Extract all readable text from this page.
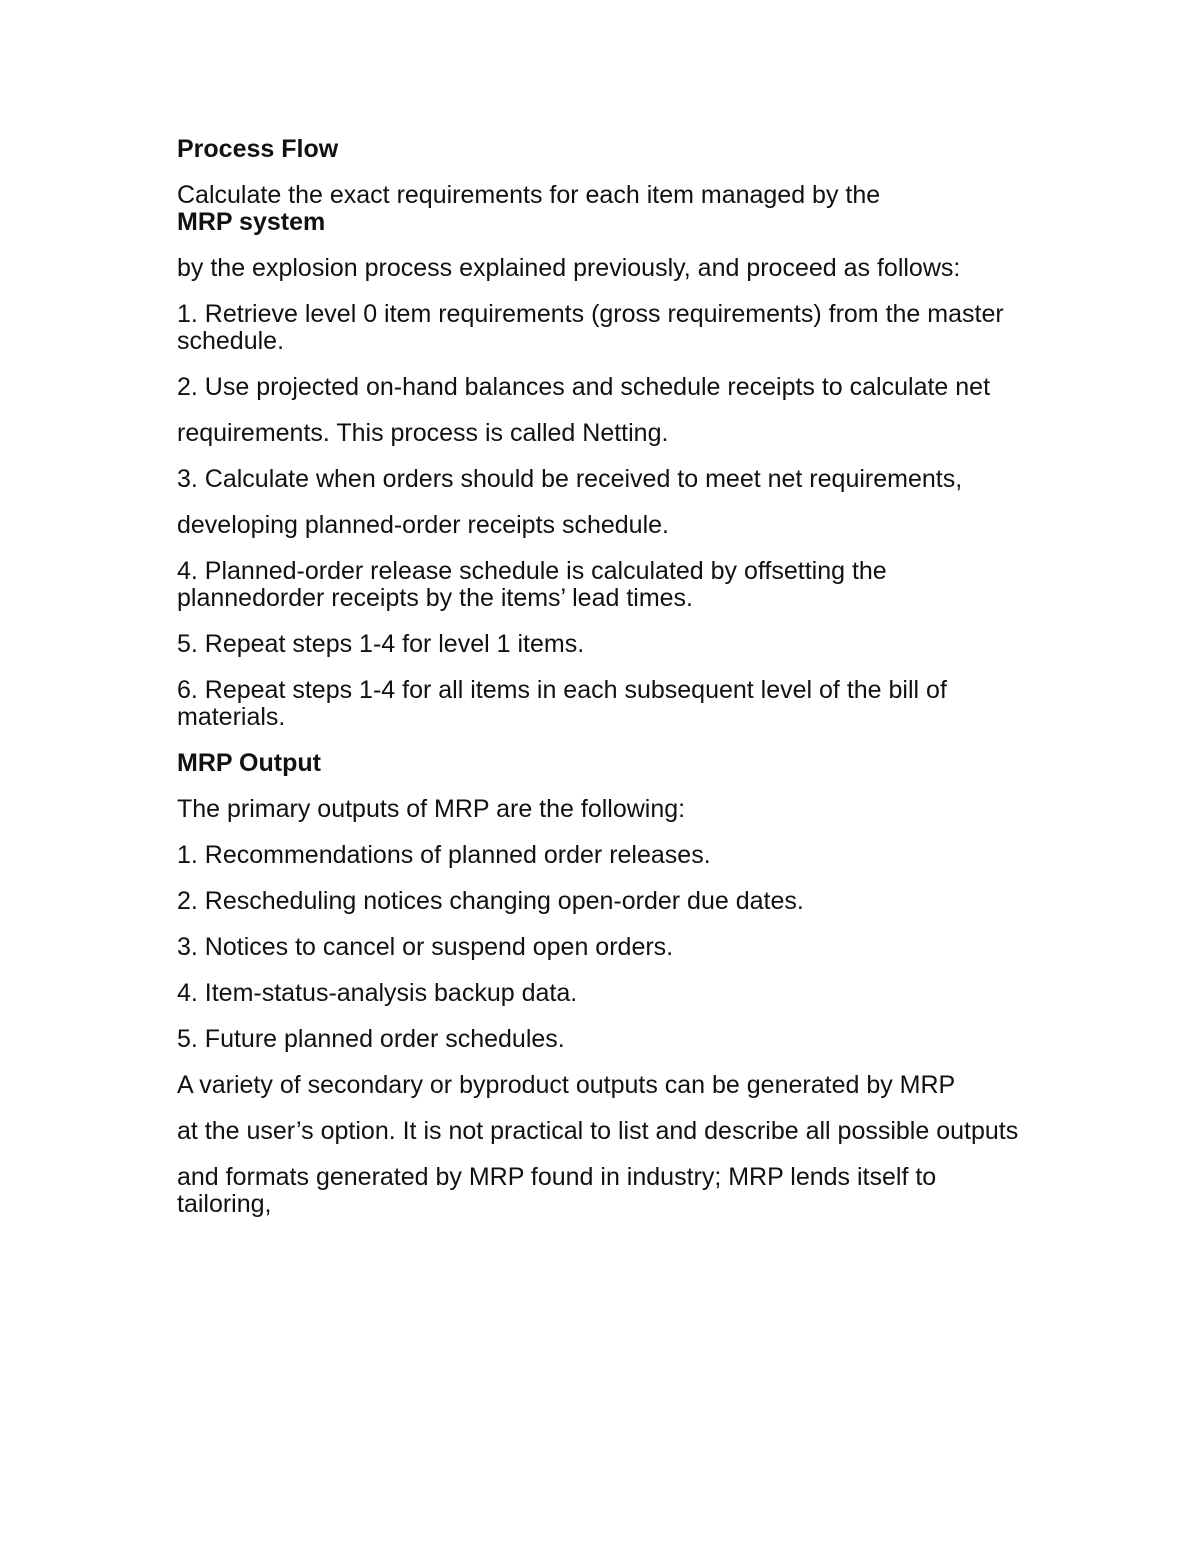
Process Flow

Calculate the exact requirements for each item managed by the
MRP system

by the explosion process explained previously, and proceed as follows:

1. Retrieve level 0 item requirements (gross requirements) from the master schedule.

2. Use projected on-hand balances and schedule receipts to calculate net

requirements. This process is called Netting.

3. Calculate when orders should be received to meet net requirements,

developing planned-order receipts schedule.

4. Planned-order release schedule is calculated by offsetting the plannedorder receipts by the items’ lead times.

5. Repeat steps 1-4 for level 1 items.

6. Repeat steps 1-4 for all items in each subsequent level of the bill of materials.

MRP Output

The primary outputs of MRP are the following:

1. Recommendations of planned order releases.

2. Rescheduling notices changing open-order due dates.

3. Notices to cancel or suspend open orders.

4. Item-status-analysis backup data.

5. Future planned order schedules.

A variety of secondary or byproduct outputs can be generated by MRP

at the user’s option. It is not practical to list and describe all possible outputs

and formats generated by MRP found in industry; MRP lends itself to tailoring,
